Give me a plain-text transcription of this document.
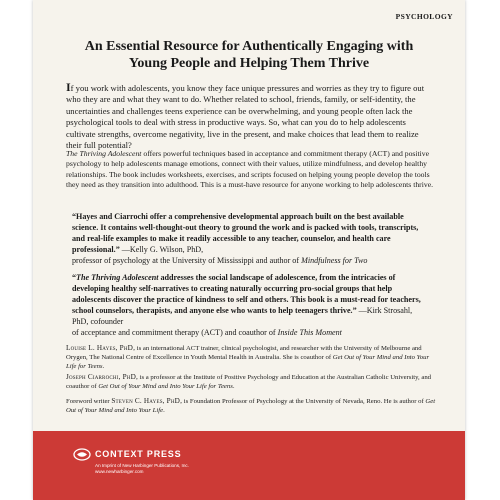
PSYCHOLOGY
An Essential Resource for Authentically Engaging with Young People and Helping Them Thrive
If you work with adolescents, you know they face unique pressures and worries as they try to figure out who they are and what they want to do. Whether related to school, friends, family, or self-identity, the uncertainties and challenges teens experience can be overwhelming, and young people often lack the psychological tools to deal with stress in productive ways. So, what can you do to help adolescents cultivate strengths, overcome negativity, live in the present, and make choices that lead them to realize their full potential?
The Thriving Adolescent offers powerful techniques based in acceptance and commitment therapy (ACT) and positive psychology to help adolescents manage emotions, connect with their values, utilize mindfulness, and develop healthy relationships. The book includes worksheets, exercises, and scripts focused on helping young people develop the tools they need as they transition into adulthood. This is a must-have resource for anyone working to help adolescents thrive.
“Hayes and Ciarrochi offer a comprehensive developmental approach built on the best available science. It contains well-thought-out theory to ground the work and is packed with tools, transcripts, and real-life examples to make it readily accessible to any teacher, counselor, and health care professional.” —Kelly G. Wilson, PhD,
professor of psychology at the University of Mississippi and author of Mindfulness for Two
“The Thriving Adolescent addresses the social landscape of adolescence, from the intricacies of developing healthy self-narratives to creating naturally occurring pro-social groups that help adolescents discover the practice of kindness to self and others. This book is a must-read for teachers, school counselors, therapists, and anyone else who wants to help teenagers thrive.” —Kirk Strosahl, PhD, cofounder
of acceptance and commitment therapy (ACT) and coauthor of Inside This Moment
Louise L. Hayes, PhD, is an international ACT trainer, clinical psychologist, and researcher with the University of Melbourne and Orygen, The National Centre of Excellence in Youth Mental Health in Australia. She is coauthor of Get Out of Your Mind and Into Your Life for Teens.
Joseph Ciarrochi, PhD, is a professor at the Institute of Positive Psychology and Education at the Australian Catholic University, and coauthor of Get Out of Your Mind and Into Your Life for Teens.
Foreword writer Steven C. Hayes, PhD, is Foundation Professor of Psychology at the University of Nevada, Reno. He is author of Get Out of Your Mind and Into Your Life.
CONTEXT PRESS
An Imprint of New Harbinger Publications, Inc.
www.newharbinger.com
